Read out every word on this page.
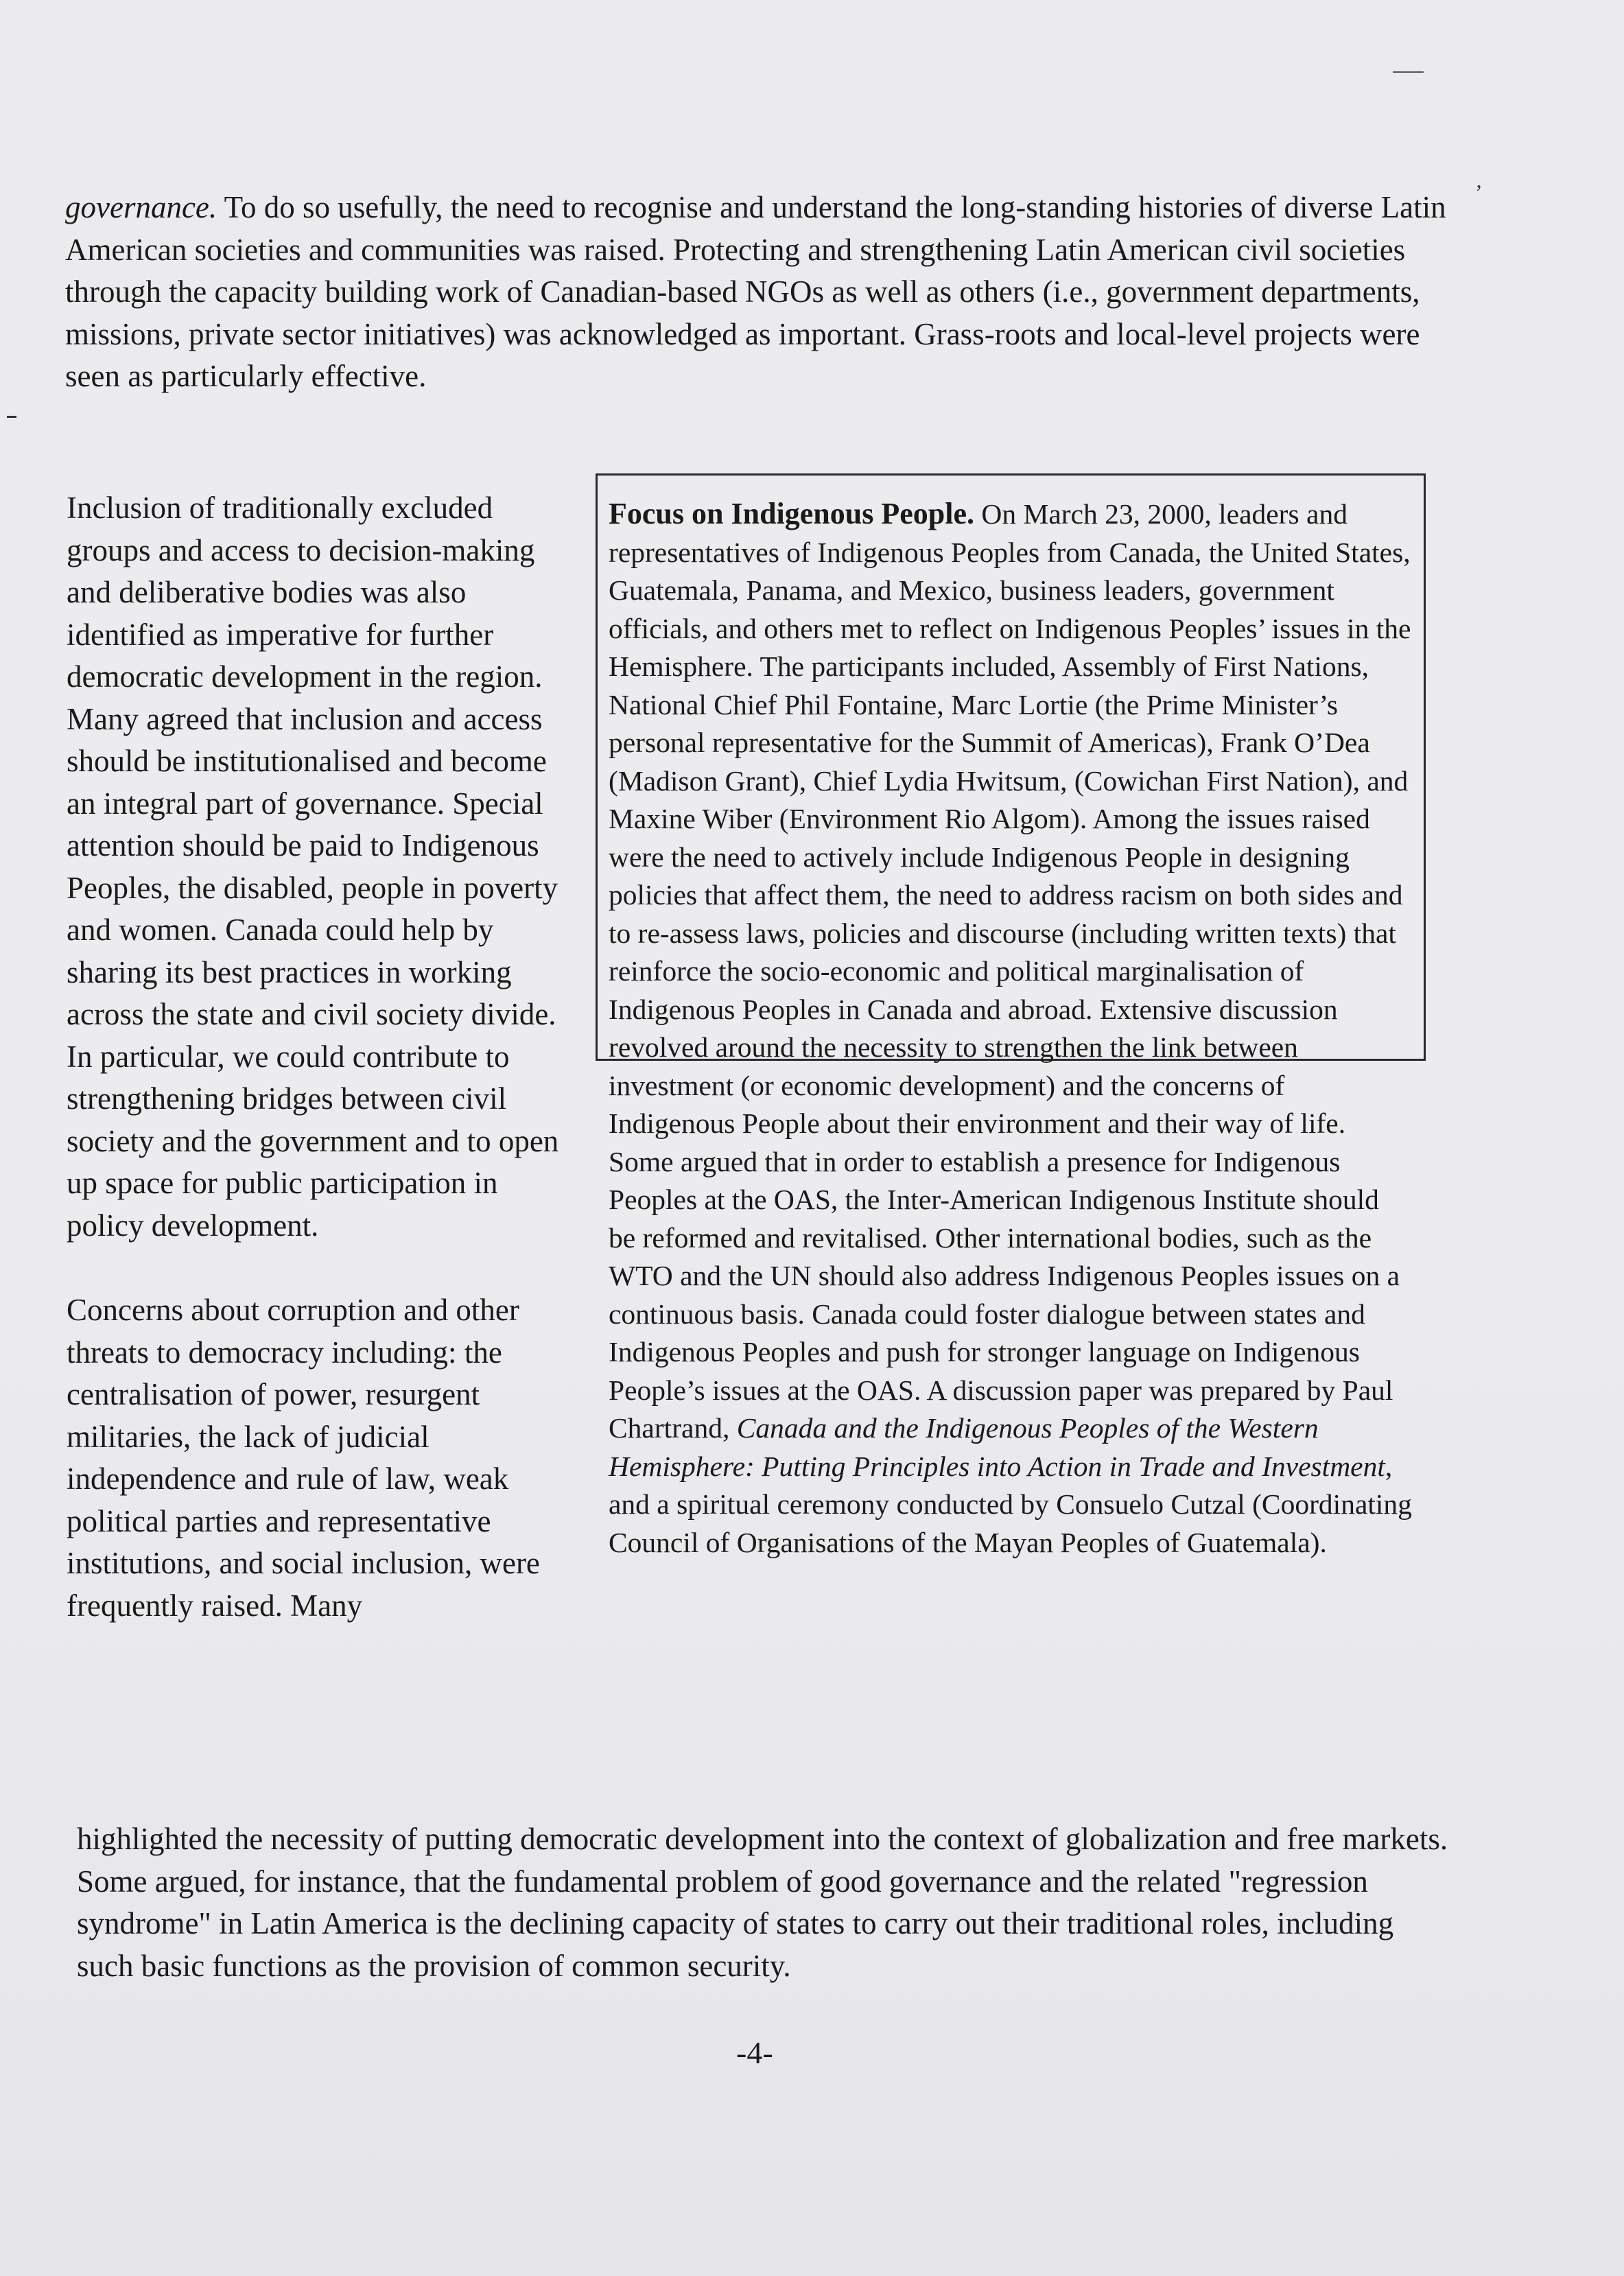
ʼ

governance. To do so usefully, the need to recognise and understand the long-standing histories of diverse Latin American societies and communities was raised. Protecting and strengthening Latin American civil societies through the capacity building work of Canadian-based NGOs as well as others (i.e., government departments, missions, private sector initiatives) was acknowledged as important. Grass-roots and local-level projects were seen as particularly effective.

Inclusion of traditionally excluded groups and access to decision-making and deliberative bodies was also identified as imperative for further democratic development in the region. Many agreed that inclusion and access should be institutionalised and become an integral part of governance. Special attention should be paid to Indigenous Peoples, the disabled, people in poverty and women. Canada could help by sharing its best practices in working across the state and civil society divide. In particular, we could contribute to strengthening bridges between civil society and the government and to open up space for public participation in policy development.

Concerns about corruption and other threats to democracy including: the centralisation of power, resurgent militaries, the lack of judicial independence and rule of law, weak political parties and representative institutions, and social inclusion, were frequently raised. Many

Focus on Indigenous People. On March 23, 2000, leaders and representatives of Indigenous Peoples from Canada, the United States, Guatemala, Panama, and Mexico, business leaders, government officials, and others met to reflect on Indigenous Peoples’ issues in the Hemisphere. The participants included, Assembly of First Nations, National Chief Phil Fontaine, Marc Lortie (the Prime Minister’s personal representative for the Summit of Americas), Frank O’Dea (Madison Grant), Chief Lydia Hwitsum, (Cowichan First Nation), and Maxine Wiber (Environment Rio Algom). Among the issues raised were the need to actively include Indigenous People in designing policies that affect them, the need to address racism on both sides and to re-assess laws, policies and discourse (including written texts) that reinforce the socio-economic and political marginalisation of Indigenous Peoples in Canada and abroad. Extensive discussion revolved around the necessity to strengthen the link between investment (or economic development) and the concerns of Indigenous People about their environment and their way of life. Some argued that in order to establish a presence for Indigenous Peoples at the OAS, the Inter-American Indigenous Institute should be reformed and revitalised. Other international bodies, such as the WTO and the UN should also address Indigenous Peoples issues on a continuous basis. Canada could foster dialogue between states and Indigenous Peoples and push for stronger language on Indigenous People’s issues at the OAS. A discussion paper was prepared by Paul Chartrand, Canada and the Indigenous Peoples of the Western Hemisphere: Putting Principles into Action in Trade and Investment, and a spiritual ceremony conducted by Consuelo Cutzal (Coordinating Council of Organisations of the Mayan Peoples of Guatemala).

highlighted the necessity of putting democratic development into the context of globalization and free markets. Some argued, for instance, that the fundamental problem of good governance and the related "regression syndrome" in Latin America is the declining capacity of states to carry out their traditional roles, including such basic functions as the provision of common security.

-4-
